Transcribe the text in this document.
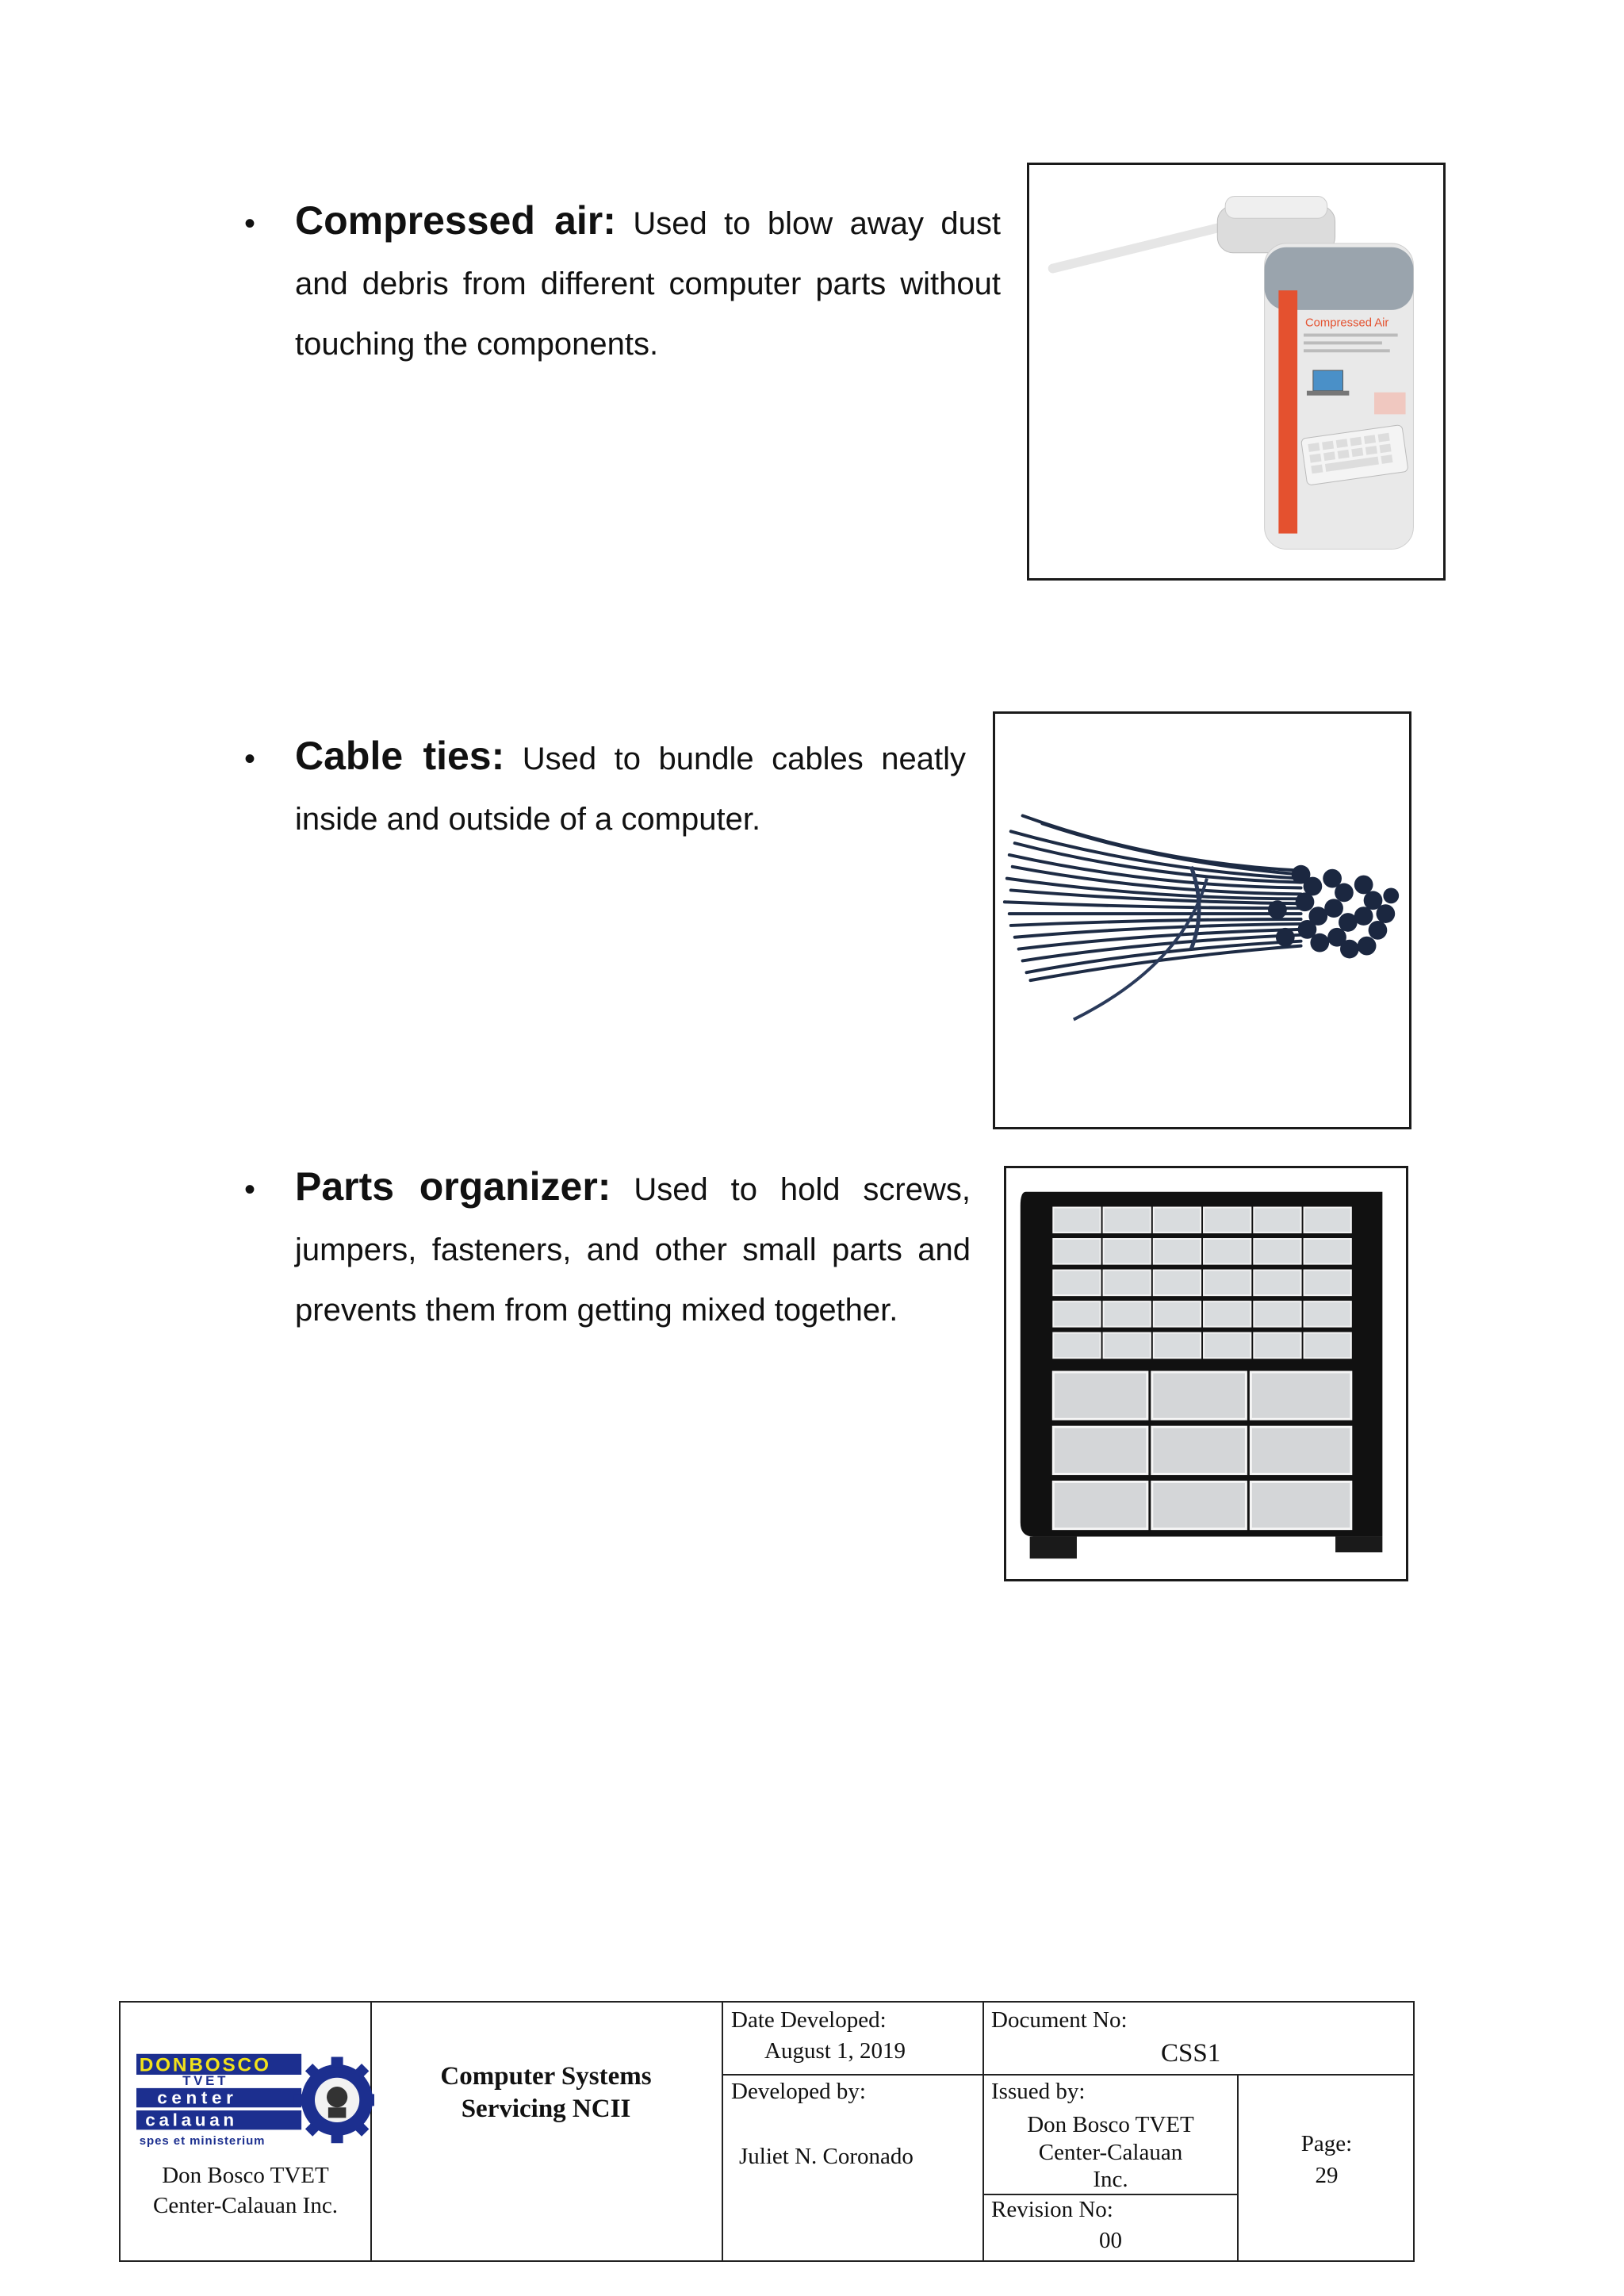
• Compressed air: Used to blow away dust and debris from different computer parts without touching the components.
Compressed Air
• Cable ties: Used to bundle cables neatly inside and outside of a computer.
• Parts organizer: Used to hold screws, jumpers, fasteners, and other small parts and prevents them from getting mixed together.
DONBOSCO
TVET
center
calauan
spes et ministerium
Don Bosco TVET
Center-Calauan Inc.
Computer Systems
Servicing NCII
Date Developed:
August 1, 2019
Developed by:
Juliet N. Coronado
Document No:
CSS1
Issued by:
Don Bosco TVET
Center-Calauan
Inc.
Revision No:
00
Page:
29
